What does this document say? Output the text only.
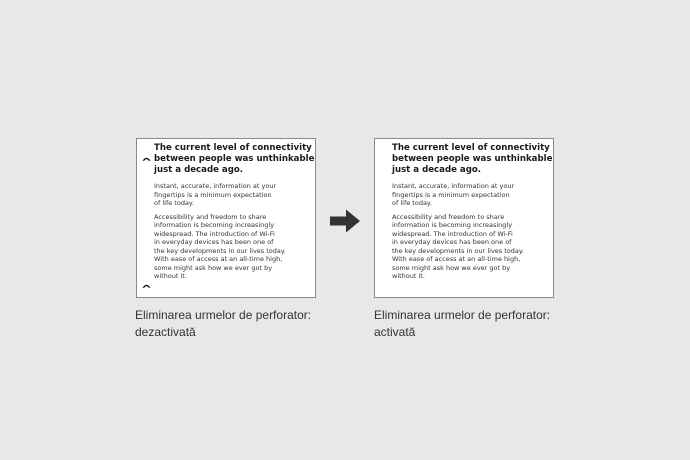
The current level of connectivity
between people was unthinkable
just a decade ago.
Instant, accurate, information at your
fingertips is a minimum expectation
of life today.
Accessibility and freedom to share
information is becoming increasingly
widespread. The introduction of Wi-Fi
in everyday devices has been one of
the key developments in our lives today.
With ease of access at an all-time high,
some might ask how we ever got by
without it.
The current level of connectivity
between people was unthinkable
just a decade ago.
Instant, accurate, information at your
fingertips is a minimum expectation
of life today.
Accessibility and freedom to share
information is becoming increasingly
widespread. The introduction of Wi-Fi
in everyday devices has been one of
the key developments in our lives today.
With ease of access at an all-time high,
some might ask how we ever got by
without it.
Eliminarea urmelor de perforator:
dezactivată
Eliminarea urmelor de perforator:
activată
